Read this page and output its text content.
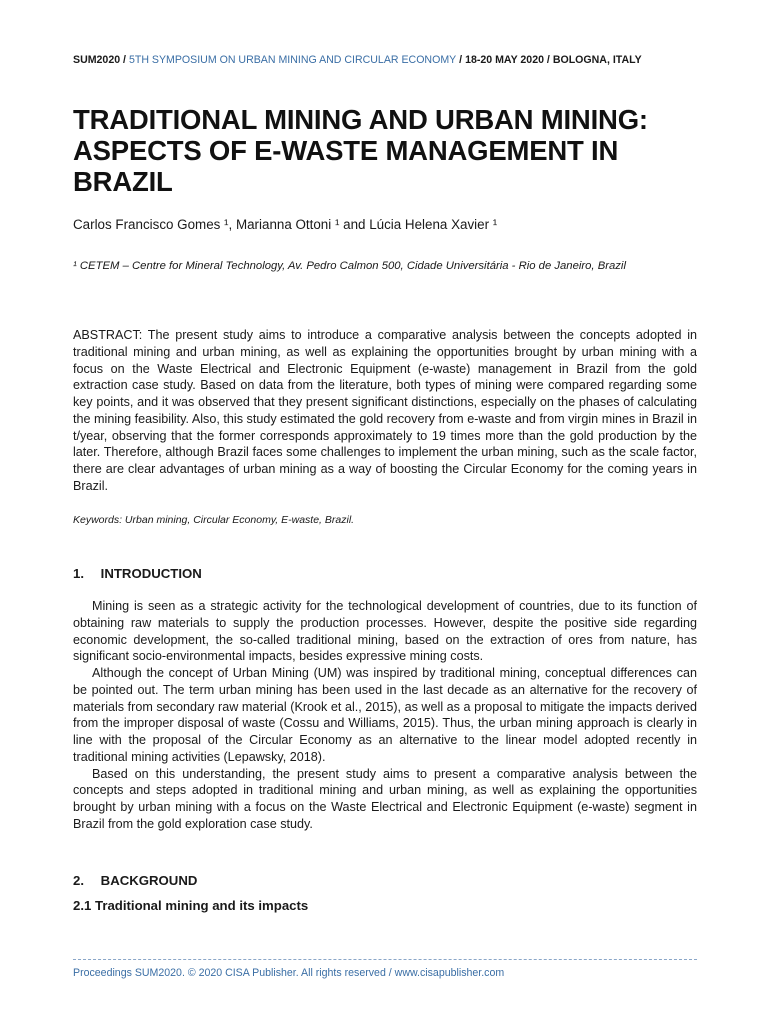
SUM2020 / 5TH SYMPOSIUM ON URBAN MINING AND CIRCULAR ECONOMY / 18-20 MAY 2020 / BOLOGNA, ITALY
TRADITIONAL MINING AND URBAN MINING: ASPECTS OF E-WASTE MANAGEMENT IN BRAZIL
Carlos Francisco Gomes ¹, Marianna Ottoni ¹ and Lúcia Helena Xavier ¹
¹ CETEM – Centre for Mineral Technology, Av. Pedro Calmon 500, Cidade Universitária - Rio de Janeiro, Brazil
ABSTRACT: The present study aims to introduce a comparative analysis between the concepts adopted in traditional mining and urban mining, as well as explaining the opportunities brought by urban mining with a focus on the Waste Electrical and Electronic Equipment (e-waste) management in Brazil from the gold extraction case study. Based on data from the literature, both types of mining were compared regarding some key points, and it was observed that they present significant distinctions, especially on the phases of calculating the mining feasibility. Also, this study estimated the gold recovery from e-waste and from virgin mines in Brazil in t/year, observing that the former corresponds approximately to 19 times more than the gold production by the later. Therefore, although Brazil faces some challenges to implement the urban mining, such as the scale factor, there are clear advantages of urban mining as a way of boosting the Circular Economy for the coming years in Brazil.
Keywords: Urban mining, Circular Economy, E-waste, Brazil.
1. INTRODUCTION

Mining is seen as a strategic activity for the technological development of countries, due to its function of obtaining raw materials to supply the production processes. However, despite the positive side regarding economic development, the so-called traditional mining, based on the extraction of ores from nature, has significant socio-environmental impacts, besides expressive mining costs.

Although the concept of Urban Mining (UM) was inspired by traditional mining, conceptual differences can be pointed out. The term urban mining has been used in the last decade as an alternative for the recovery of materials from secondary raw material (Krook et al., 2015), as well as a proposal to mitigate the impacts derived from the improper disposal of waste (Cossu and Williams, 2015). Thus, the urban mining approach is clearly in line with the proposal of the Circular Economy as an alternative to the linear model adopted recently in traditional mining activities (Lepawsky, 2018).

Based on this understanding, the present study aims to present a comparative analysis between the concepts and steps adopted in traditional mining and urban mining, as well as explaining the opportunities brought by urban mining with a focus on the Waste Electrical and Electronic Equipment (e-waste) segment in Brazil from the gold exploration case study.

2. BACKGROUND
2.1 Traditional mining and its impacts
Proceedings SUM2020. © 2020 CISA Publisher. All rights reserved / www.cisapublisher.com
